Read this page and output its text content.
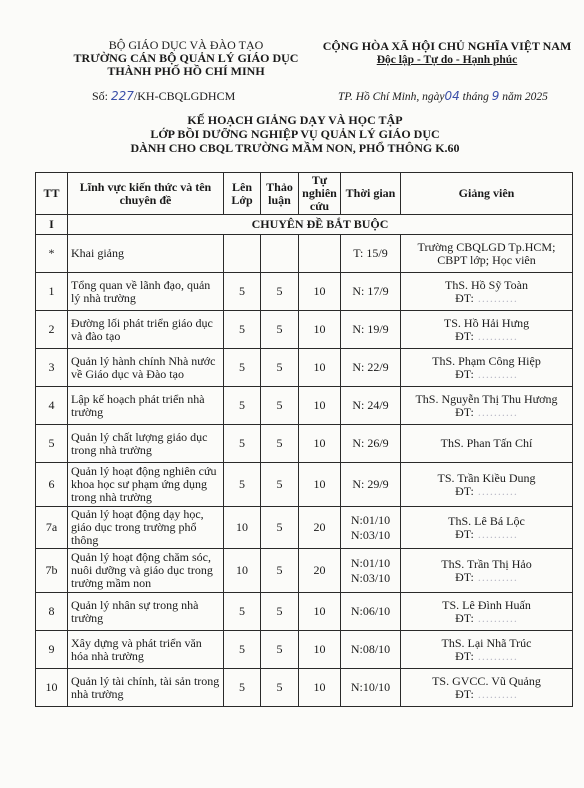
BỘ GIÁO DỤC VÀ ĐÀO TẠO
TRƯỜNG CÁN BỘ QUẢN LÝ GIÁO DỤC
THÀNH PHỐ HỒ CHÍ MINH
CỘNG HÒA XÃ HỘI CHỦ NGHĨA VIỆT NAM
Độc lập - Tự do - Hạnh phúc
Số: 227/KH-CBQLGDHCM	TP. Hồ Chí Minh, ngày04 tháng 9 năm 2025
KẾ HOẠCH GIẢNG DẠY VÀ HỌC TẬP
LỚP BỒI DƯỠNG NGHIỆP VỤ QUẢN LÝ GIÁO DỤC
DÀNH CHO CBQL TRƯỜNG MẦM NON, PHỔ THÔNG K.60
TT	Lĩnh vực kiến thức và tên chuyên đề	Lên Lớp	Thảo luận	Tự nghiên cứu	Thời gian	Giảng viên
I	CHUYÊN ĐỀ BẮT BUỘC					
*	Khai giảng				T: 15/9	Trường CBQLGD Tp.HCM; CBPT lớp; Học viên

1	Tổng quan về lãnh đạo, quản lý nhà trường	5	5	10	N: 17/9	ThS. Hồ Sỹ Toàn
ĐT: ..........

2	Đường lối phát triển giáo dục và đào tạo	5	5	10	N: 19/9	TS. Hồ Hải Hưng
ĐT: ..........

3	Quản lý hành chính Nhà nước về Giáo dục và Đào tạo	5	5	10	N: 22/9	ThS. Phạm Công Hiệp
ĐT: ..........

4	Lập kế hoạch phát triển nhà trường	5	5	10	N: 24/9	ThS. Nguyễn Thị Thu Hương
ĐT: ..........

5	Quản lý chất lượng giáo dục trong nhà trường	5	5	10	N: 26/9	ThS. Phan Tấn Chí

6	Quản lý hoạt động nghiên cứu khoa học sư phạm ứng dụng trong nhà trường	5	5	10	N: 29/9	TS. Trần Kiều Dung
ĐT: ..........

7a	Quản lý hoạt động dạy học, giáo dục trong trường phổ thông	10	5	20	N:01/10 N:03/10	ThS. Lê Bá Lộc
ĐT: ..........

7b	Quản lý hoạt động chăm sóc, nuôi dưỡng và giáo dục trong trường mầm non	10	5	20	N:01/10 N:03/10	ThS. Trần Thị Hảo
ĐT: ..........

8	Quản lý nhân sự trong nhà trường	5	5	10	N:06/10	TS. Lê Đình Huấn
ĐT: ..........

9	Xây dựng và phát triển văn hóa nhà trường	5	5	10	N:08/10	ThS. Lại Nhã Trúc
ĐT: ..........

10	Quản lý tài chính, tài sản trong nhà trường	5	5	10	N:10/10	TS. GVCC. Vũ Quảng
ĐT: ..........
